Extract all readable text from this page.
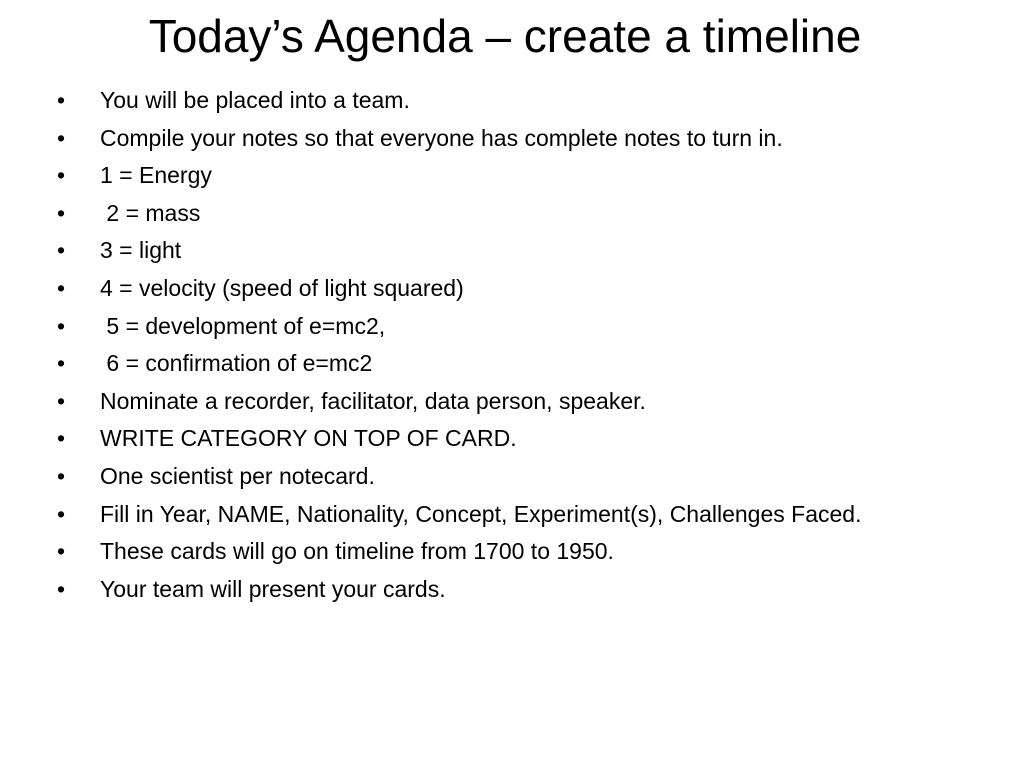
Today’s Agenda – create a timeline
•	You will be placed into a team.
•	Compile your notes so that everyone has complete notes to turn in.
•	1 = Energy
•	2 = mass
•	3 = light
•	4 = velocity (speed of light squared)
•	5 = development of e=mc2,
•	6 = confirmation of e=mc2
•	Nominate a recorder, facilitator, data person, speaker.
•	WRITE CATEGORY ON TOP OF CARD.
•	One scientist per notecard.
•	Fill in Year, NAME, Nationality, Concept, Experiment(s), Challenges Faced.
•	These cards will go on timeline from 1700 to 1950.
•	Your team will present your cards.
